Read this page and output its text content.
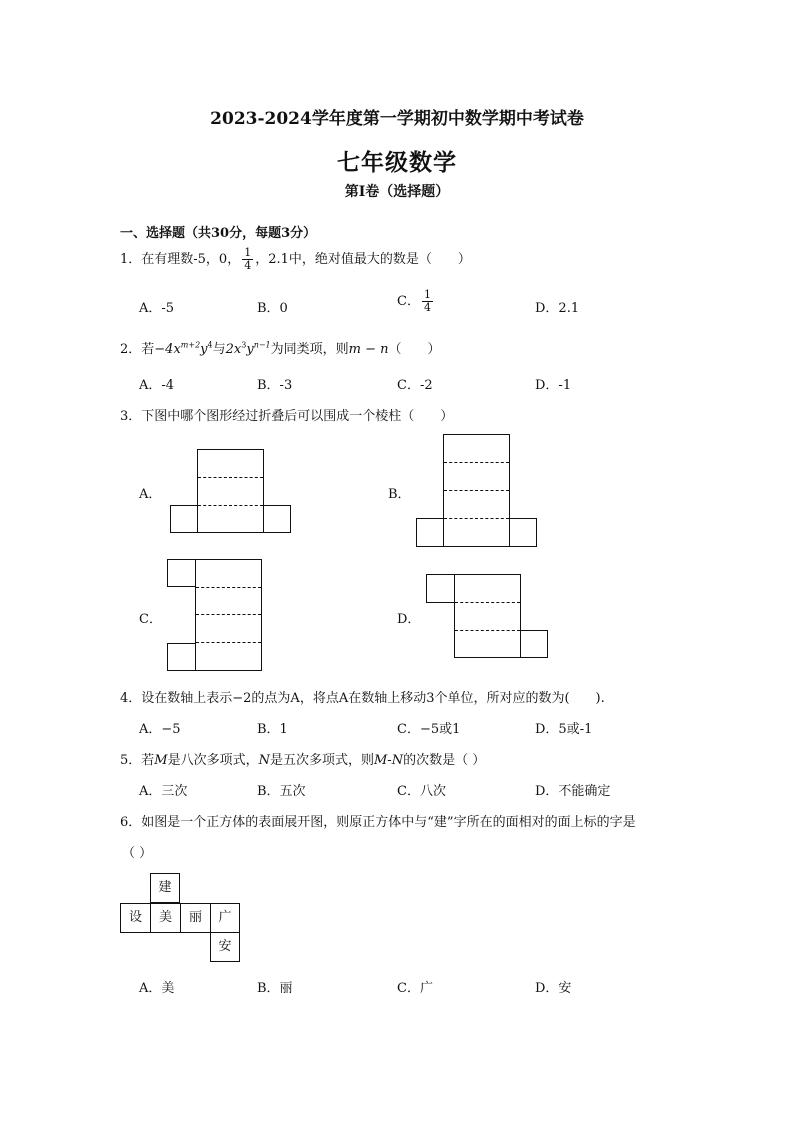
2023-2024学年度第一学期初中数学期中考试卷
七年级数学
第Ⅰ卷（选择题）
一、选择题（共30分，每题3分）
1．在有理数-5，0， $\frac{1}{4}$ ，2.1中，绝对值最大的数是（　　）
A．-5	B．0	C． $\frac{1}{4}$	D．2.1
2．若$-4x^{m+2}y^4$与$2x^3y^{n-1}$为同类项，则m − n（　　）
A．-4	B．-3	C．-2	D．-1
3．下图中哪个图形经过折叠后可以围成一个棱柱（　　）
A．	B．
C．	D．
4．设在数轴上表示−2的点为A，将点A在数轴上移动3个单位，所对应的数为(　　).
A．−5	B．1	C．−5或1	D．5或-1
5．若M是八次多项式，N是五次多项式，则M-N的次数是（ ）
A．三次	B．五次	C．八次	D．不能确定
6．如图是一个正方体的表面展开图，则原正方体中与“建”字所在的面相对的面上标的字是
（ ）
建
设	美	丽	广
安
A．美	B．丽	C．广	D．安
